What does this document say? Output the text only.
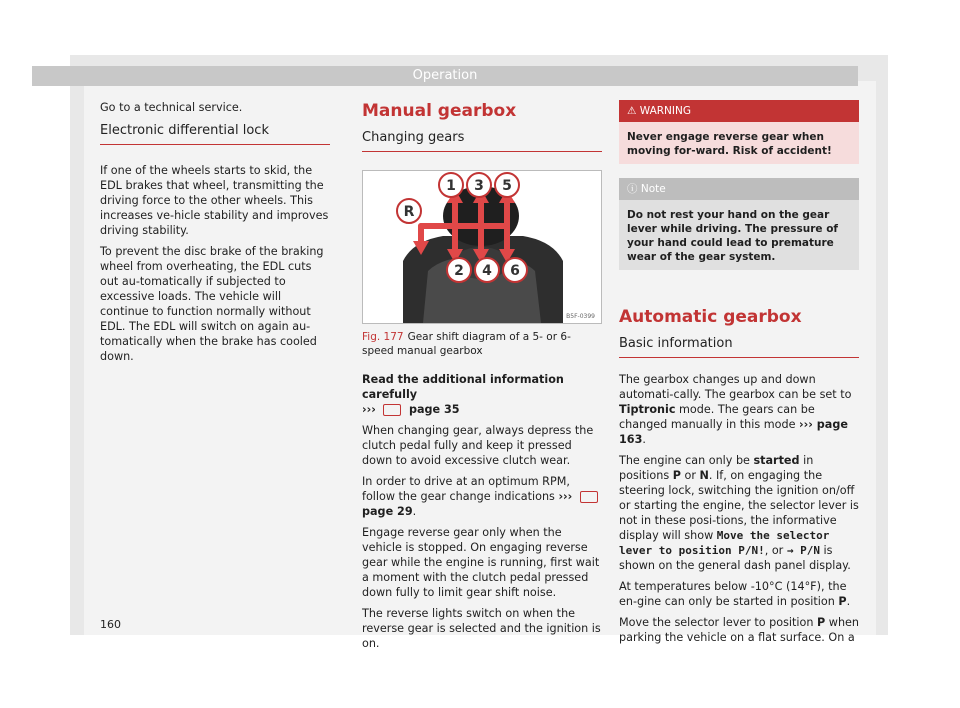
Operation

Go to a technical service.

Electronic differential lock

If one of the wheels starts to skid, the EDL brakes that wheel, transmitting the driving force to the other wheels. This increases ve-hicle stability and improves driving stability.

To prevent the disc brake of the braking wheel from overheating, the EDL cuts out au-tomatically if subjected to excessive loads. The vehicle will continue to function normally without EDL. The EDL will switch on again au-tomatically when the brake has cooled down.

Manual gearbox
Changing gears
1 3 5
R
2 4 6
B5F-0399
Fig. 177 Gear shift diagram of a 5- or 6-speed manual gearbox

Read the additional information carefully
›››	page 35

When changing gear, always depress the clutch pedal fully and keep it pressed down to avoid excessive clutch wear.

In order to drive at an optimum RPM, follow the gear change indications ›››  page 29.

Engage reverse gear only when the vehicle is stopped. On engaging reverse gear while the engine is running, first wait a moment with the clutch pedal pressed down fully to limit gear shift noise.

The reverse lights switch on when the reverse gear is selected and the ignition is on.

⚠ WARNING
Never engage reverse gear when moving for-ward. Risk of accident!
ⓘ Note
Do not rest your hand on the gear lever while driving. The pressure of your hand could lead to premature wear of the gear system.
Automatic gearbox
Basic information

The gearbox changes up and down automati-cally. The gearbox can be set to Tiptronic mode. The gears can be changed manually in this mode ››› page 163.

The engine can only be started in positions P or N. If, on engaging the steering lock, switching the ignition on/off or starting the engine, the selector lever is not in these posi-tions, the informative display will show Move the selector lever to position P/N!, or → P/N is shown on the general dash panel display.

At temperatures below -10°C (14°F), the en-gine can only be started in position P.

Move the selector lever to position P when parking the vehicle on a flat surface. On a

160
